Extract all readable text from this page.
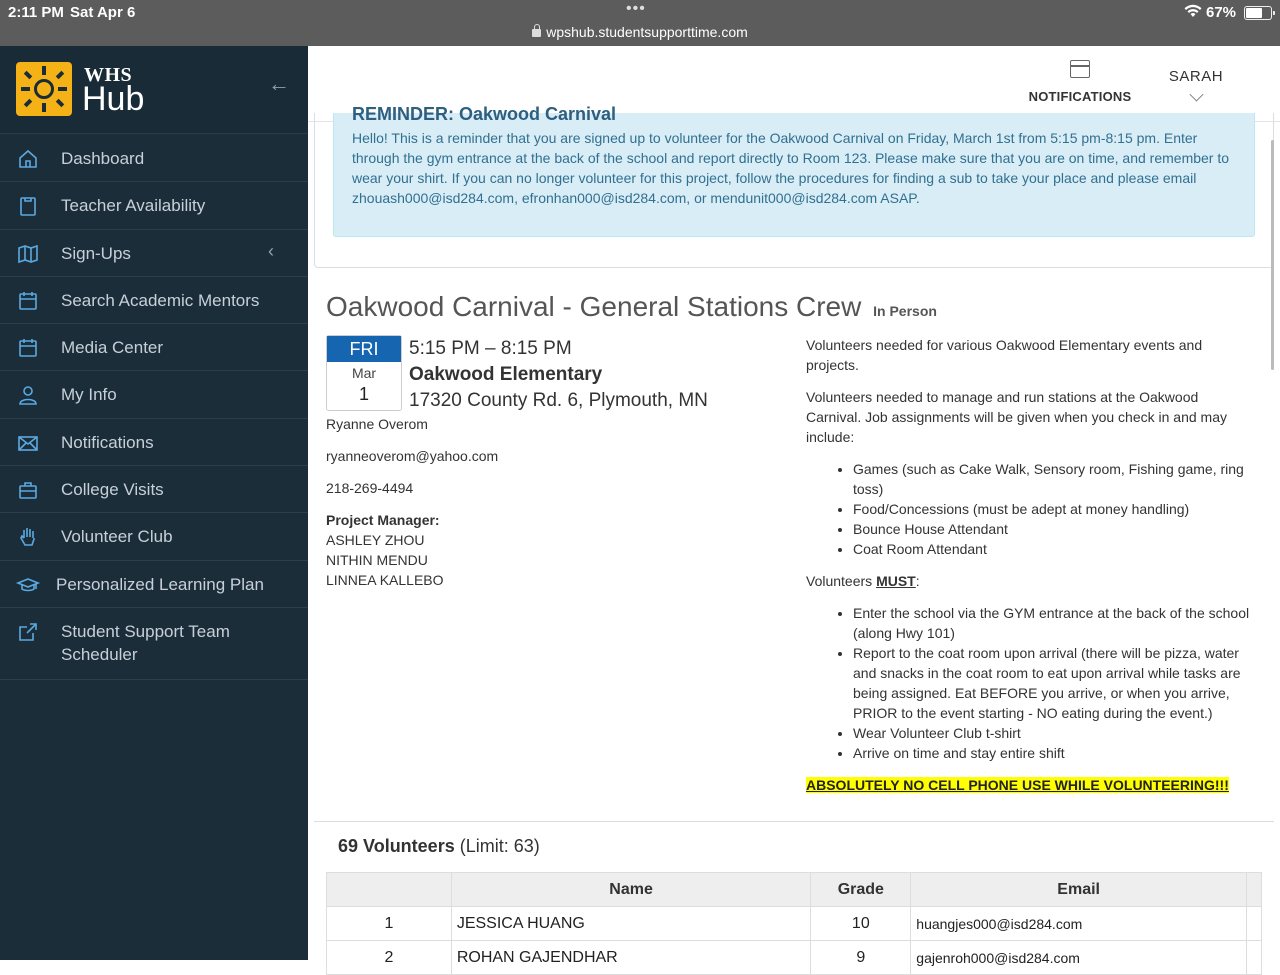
2:11 PM Sat Apr 6	•••
wpshub.studentsupporttime.com
67%
WHS
Hub	←
Dashboard
Teacher Availability
Sign-Ups	‹
Search Academic Mentors
Media Center
My Info
Notifications
College Visits
Volunteer Club
Personalized Learning Plan
Student Support Team Scheduler
NOTIFICATIONS
SARAH
REMINDER: Oakwood Carnival
Hello! This is a reminder that you are signed up to volunteer for the Oakwood Carnival on Friday, March 1st from 5:15 pm-8:15 pm. Enter through the gym entrance at the back of the school and report directly to Room 123. Please make sure that you are on time, and remember to wear your shirt. If you can no longer volunteer for this project, follow the procedures for finding a sub to take your place and please email zhouash000@isd284.com, efronhan000@isd284.com, or mendunit000@isd284.com ASAP.
Oakwood Carnival - General Stations Crew In Person
FRI
Mar
1
5:15 PM – 8:15 PM
Oakwood Elementary
17320 County Rd. 6, Plymouth, MN
Ryanne Overom
ryanneoverom@yahoo.com
218-269-4494
Project Manager:
ASHLEY ZHOU
NITHIN MENDU
LINNEA KALLEBO

Volunteers needed for various Oakwood Elementary events and projects.

Volunteers needed to manage and run stations at the Oakwood Carnival. Job assignments will be given when you check in and may include:

• Games (such as Cake Walk, Sensory room, Fishing game, ring toss)
• Food/Concessions (must be adept at money handling)
• Bounce House Attendant
• Coat Room Attendant

Volunteers MUST:

• Enter the school via the GYM entrance at the back of the school (along Hwy 101)
• Report to the coat room upon arrival (there will be pizza, water and snacks in the coat room to eat upon arrival while tasks are being assigned. Eat BEFORE you arrive, or when you arrive, PRIOR to the event starting - NO eating during the event.)
• Wear Volunteer Club t-shirt
• Arrive on time and stay entire shift

ABSOLUTELY NO CELL PHONE USE WHILE VOLUNTEERING!!!

69 Volunteers (Limit: 63)
	Name	Grade	Email	
1	JESSICA HUANG	10	huangjes000@isd284.com	
2	ROHAN GAJENDHAR	9	gajenroh000@isd284.com	
